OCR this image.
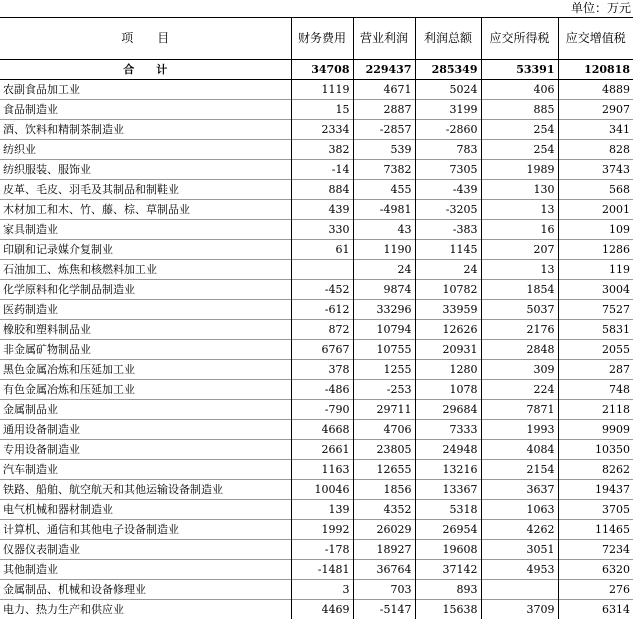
单位：万元
项　　目	财务费用	营业利润	利润总额	应交所得税	应交增值税
合　　计	34708	229437	285349	53391	120818
农副食品加工业	1119	4671	5024	406	4889
食品制造业	15	2887	3199	885	2907
酒、饮料和精制茶制造业	2334	-2857	-2860	254	341
纺织业	382	539	783	254	828
纺织服装、服饰业	-14	7382	7305	1989	3743
皮革、毛皮、羽毛及其制品和制鞋业	884	455	-439	130	568
木材加工和木、竹、藤、棕、草制品业	439	-4981	-3205	13	2001
家具制造业	330	43	-383	16	109
印刷和记录媒介复制业	61	1190	1145	207	1286
石油加工、炼焦和核燃料加工业		24	24	13	119
化学原料和化学制品制造业	-452	9874	10782	1854	3004
医药制造业	-612	33296	33959	5037	7527
橡胶和塑料制品业	872	10794	12626	2176	5831
非金属矿物制品业	6767	10755	20931	2848	2055
黑色金属冶炼和压延加工业	378	1255	1280	309	287
有色金属冶炼和压延加工业	-486	-253	1078	224	748
金属制品业	-790	29711	29684	7871	2118
通用设备制造业	4668	4706	7333	1993	9909
专用设备制造业	2661	23805	24948	4084	10350
汽车制造业	1163	12655	13216	2154	8262
铁路、船舶、航空航天和其他运输设备制造业	10046	1856	13367	3637	19437
电气机械和器材制造业	139	4352	5318	1063	3705
计算机、通信和其他电子设备制造业	1992	26029	26954	4262	11465
仪器仪表制造业	-178	18927	19608	3051	7234
其他制造业	-1481	36764	37142	4953	6320
金属制品、机械和设备修理业	3	703	893		276
电力、热力生产和供应业	4469	-5147	15638	3709	6314
